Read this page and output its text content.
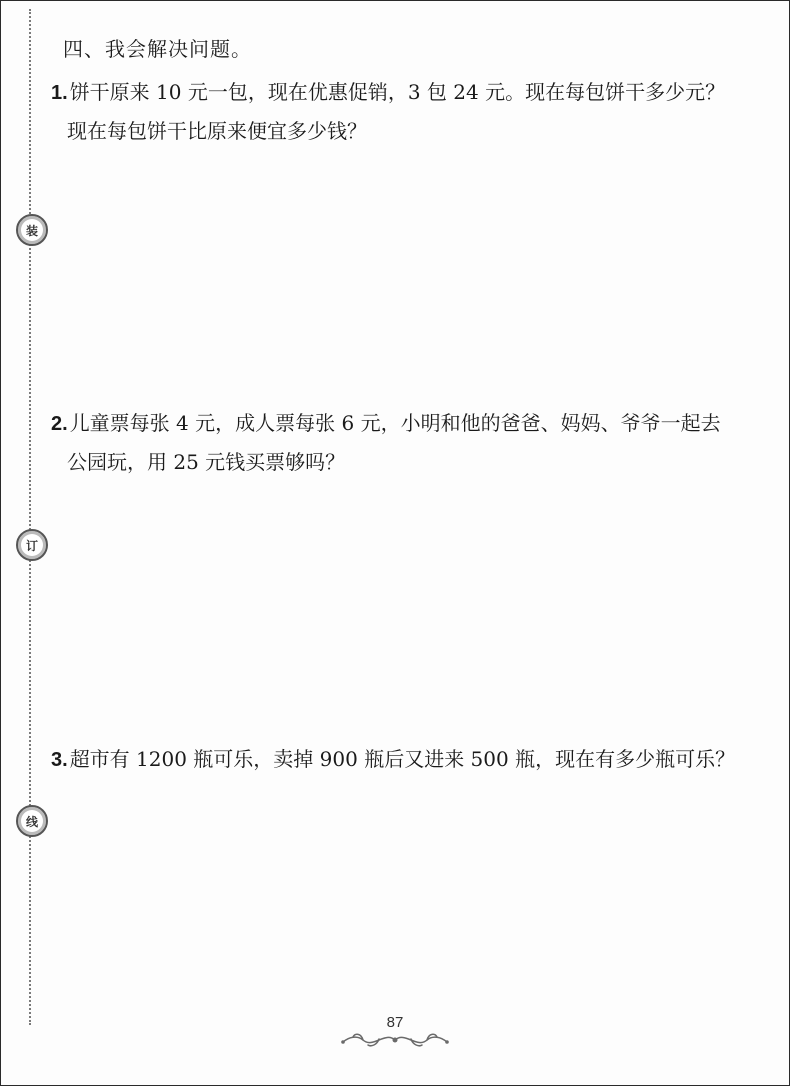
装
订
线
四、我会解决问题。
1. 饼干原来 10 元一包，现在优惠促销，3 包 24 元。现在每包饼干多少元？
现在每包饼干比原来便宜多少钱？
2. 儿童票每张 4 元，成人票每张 6 元，小明和他的爸爸、妈妈、爷爷一起去
公园玩，用 25 元钱买票够吗？
3. 超市有 1200 瓶可乐，卖掉 900 瓶后又进来 500 瓶，现在有多少瓶可乐？
87
